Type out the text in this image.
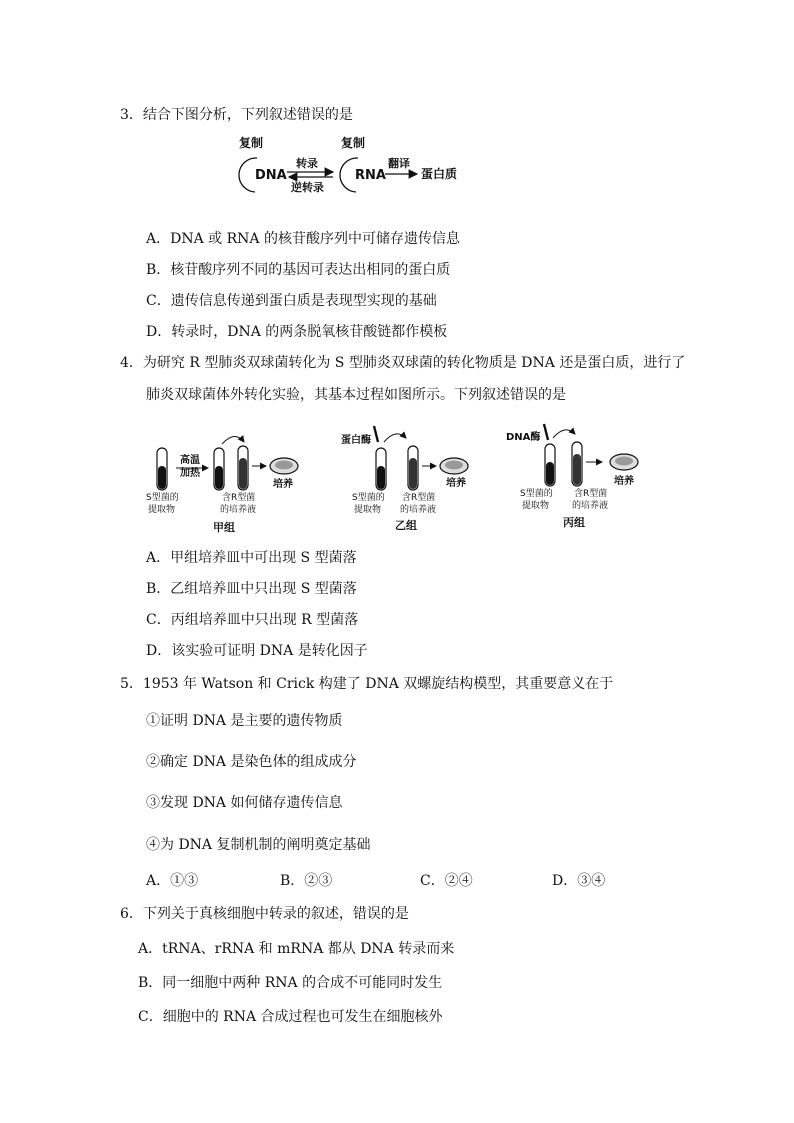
3．结合下图分析，下列叙述错误的是
复制
DNA
转录
逆转录
复制
RNA
翻译
蛋白质
A．DNA 或 RNA 的核苷酸序列中可储存遗传信息
B．核苷酸序列不同的基因可表达出相同的蛋白质
C．遗传信息传递到蛋白质是表现型实现的基础
D．转录时，DNA 的两条脱氧核苷酸链都作模板
4．为研究 R 型肺炎双球菌转化为 S 型肺炎双球菌的转化物质是 DNA 还是蛋白质，进行了
肺炎双球菌体外转化实验，其基本过程如图所示。下列叙述错误的是
高温
加热
培养
S型菌的
提取物
含R型菌
的培养液
甲组
蛋白酶
培养
S型菌的
提取物
含R型菌
的培养液
乙组
DNA酶
培养
S型菌的
提取物
含R型菌
的培养液
丙组
A．甲组培养皿中可出现 S 型菌落
B．乙组培养皿中只出现 S 型菌落
C．丙组培养皿中只出现 R 型菌落
D．该实验可证明 DNA 是转化因子
5．1953 年 Watson 和 Crick 构建了 DNA 双螺旋结构模型，其重要意义在于
①证明 DNA 是主要的遗传物质
②确定 DNA 是染色体的组成成分
③发现 DNA 如何储存遗传信息
④为 DNA 复制机制的阐明奠定基础
A．①③	B．②③	C．②④	D．③④
6．下列关于真核细胞中转录的叙述，错误的是
A．tRNA、rRNA 和 mRNA 都从 DNA 转录而来
B．同一细胞中两种 RNA 的合成不可能同时发生
C．细胞中的 RNA 合成过程也可发生在细胞核外
